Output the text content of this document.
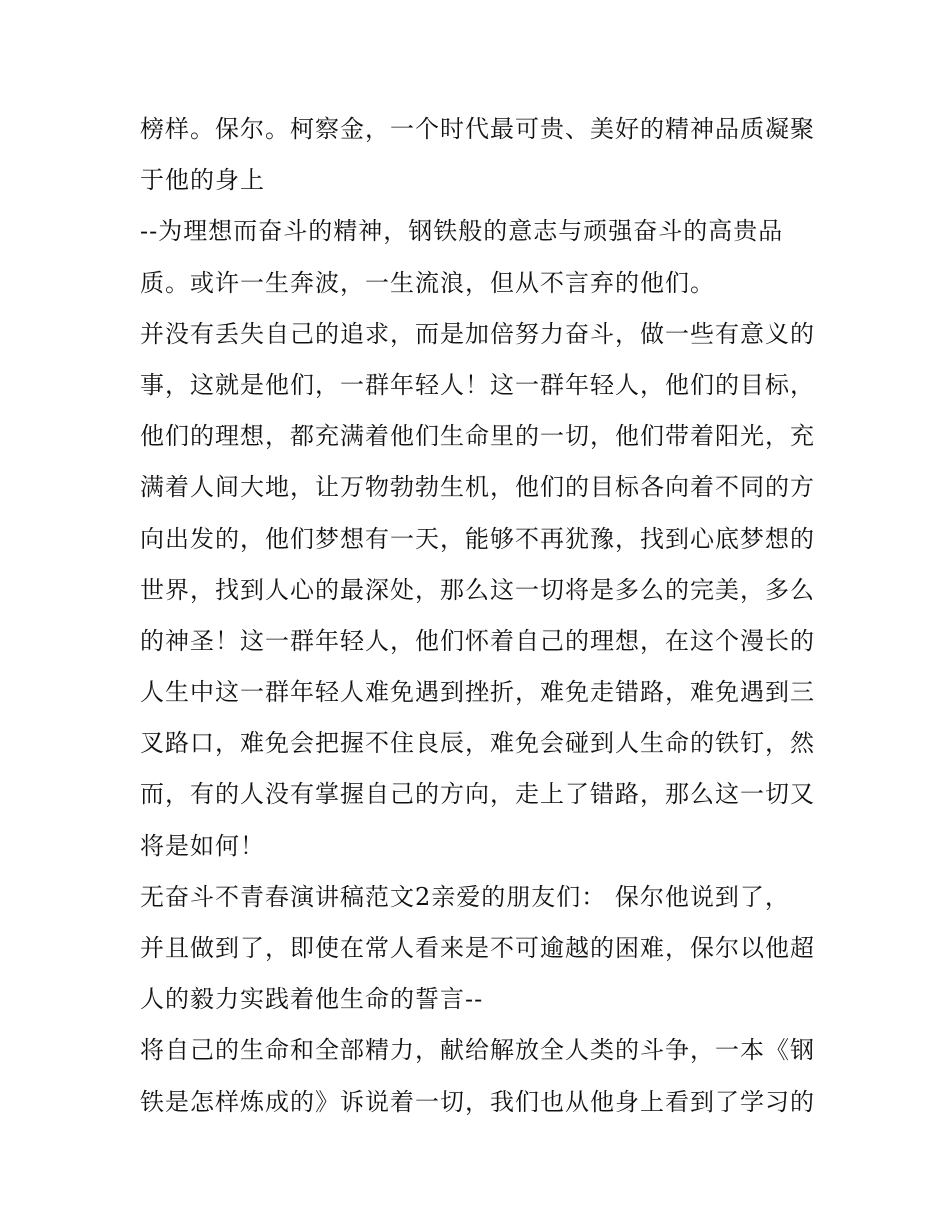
榜样。保尔。柯察金，一个时代最可贵、美好的精神品质凝聚
于他的身上
--为理想而奋斗的精神，钢铁般的意志与顽强奋斗的高贵品
质。或许一生奔波，一生流浪，但从不言弃的他们。
并没有丢失自己的追求，而是加倍努力奋斗，做一些有意义的
事，这就是他们，一群年轻人！这一群年轻人，他们的目标，
他们的理想，都充满着他们生命里的一切，他们带着阳光，充
满着人间大地，让万物勃勃生机，他们的目标各向着不同的方
向出发的，他们梦想有一天，能够不再犹豫，找到心底梦想的
世界，找到人心的最深处，那么这一切将是多么的完美，多么
的神圣！这一群年轻人，他们怀着自己的理想，在这个漫长的
人生中这一群年轻人难免遇到挫折，难免走错路，难免遇到三
叉路口，难免会把握不住良辰，难免会碰到人生命的铁钉，然
而，有的人没有掌握自己的方向，走上了错路，那么这一切又
将是如何！
无奋斗不青春演讲稿范文2亲爱的朋友们： 保尔他说到了，
并且做到了，即使在常人看来是不可逾越的困难，保尔以他超
人的毅力实践着他生命的誓言--
将自己的生命和全部精力，献给解放全人类的斗争，一本《钢
铁是怎样炼成的》诉说着一切，我们也从他身上看到了学习的
